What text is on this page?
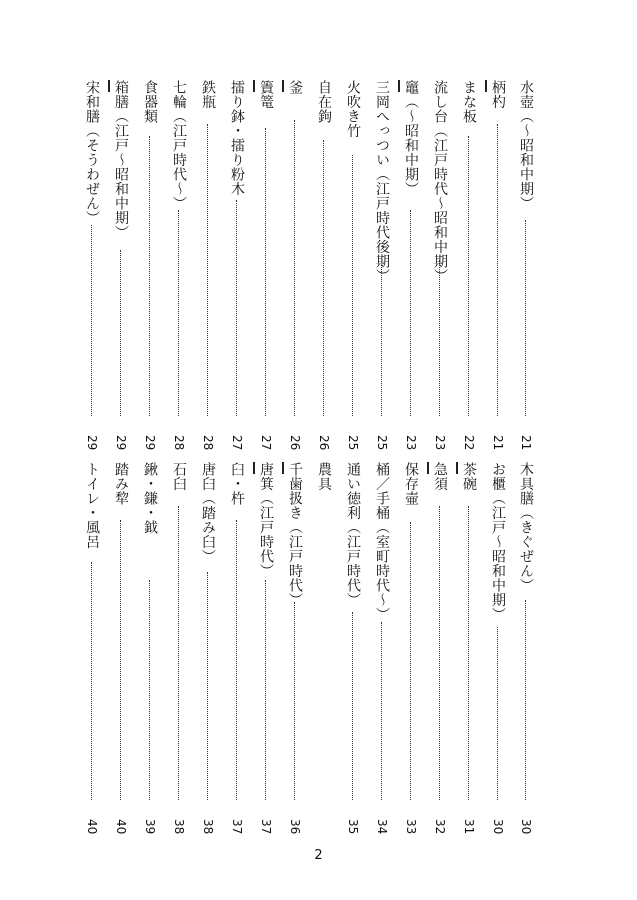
水壺（～昭和中期）
21
柄杓
21
まな板
22
流し台（江戸時代～昭和中期）
23
竈（～昭和中期）
23
三岡へっつい（江戸時代後期）
25
火吹き竹
25
自在鉤
26
釜
26
簀篭
27
擂り鉢・擂り粉木
27
鉄瓶
28
七輪（江戸時代～）
28
食器類
29
箱膳（江戸～昭和中期）
29
宋和膳（そうわぜん）
29
木具膳（きぐぜん）
30
お櫃（江戸～昭和中期）
30
茶碗
31
急須
32
保存壷
33
桶／手桶（室町時代～）
34
通い徳利（江戸時代）
35
農具
千歯扱き（江戸時代）
36
唐箕（江戸時代）
37
臼・杵
37
唐臼（踏み臼）
38
石臼
38
鍬・鎌・鉞
39
踏み犂
40
トイレ・風呂
40
2
